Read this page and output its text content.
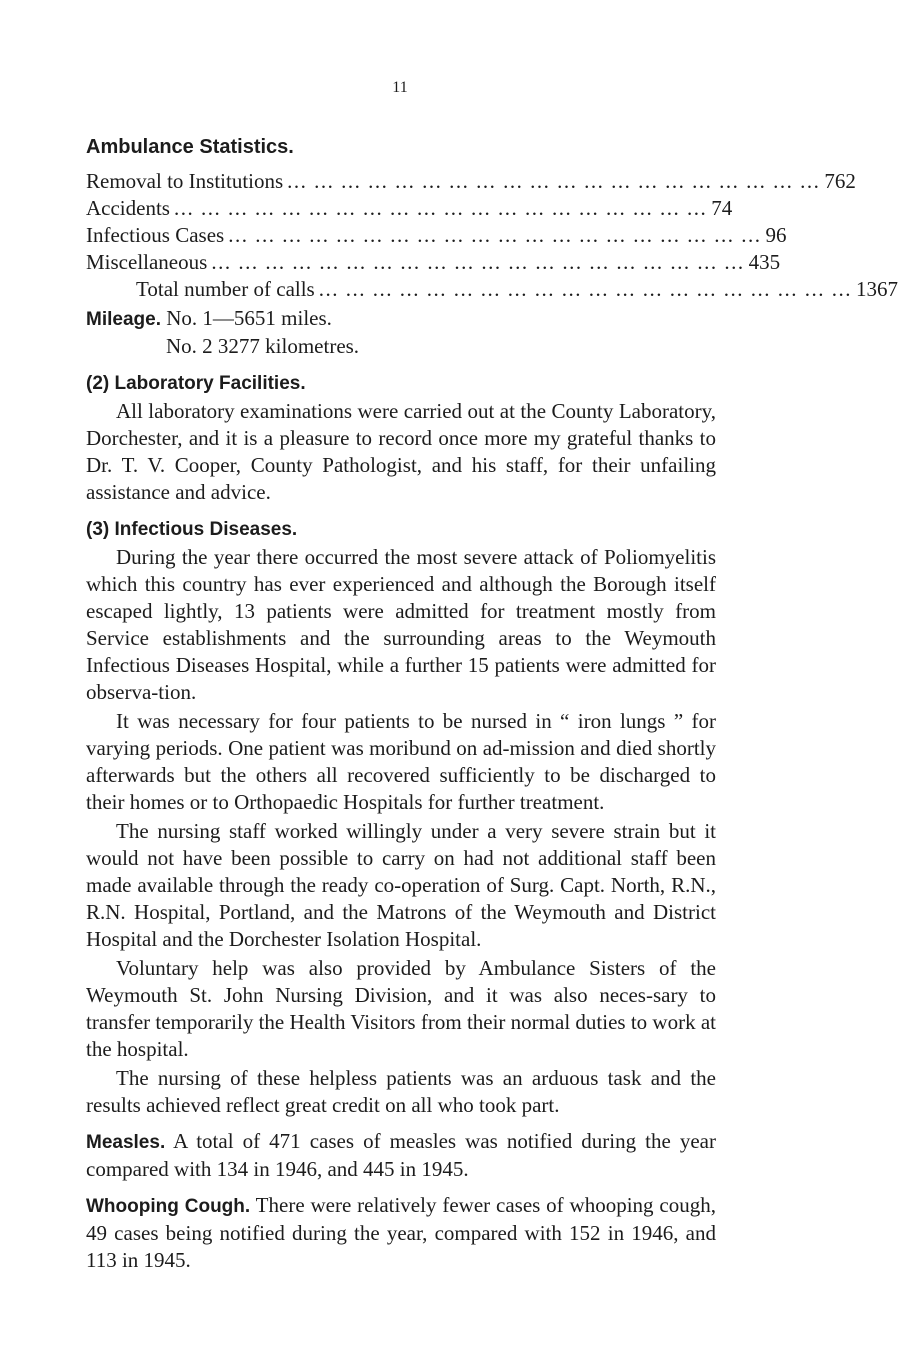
11
Ambulance Statistics.
Removal to Institutions ... ... ... ... ... ... ... ... ... ... ... ... ... ... ... ... ... ... ... ... 762
Accidents ... ... ... ... ... ... ... ... ... ... ... ... ... ... ... ... ... ... ... ... 74
Infectious Cases ... ... ... ... ... ... ... ... ... ... ... ... ... ... ... ... ... ... ... ... 96
Miscellaneous ... ... ... ... ... ... ... ... ... ... ... ... ... ... ... ... ... ... ... ... 435
Total number of calls ... ... ... ... ... ... ... ... ... ... ... ... ... ... ... ... ... ... ... ... 1367
Mileage. No. 1—5651 miles.
No. 2 3277 kilometres.
(2) Laboratory Facilities.

All laboratory examinations were carried out at the County Laboratory, Dorchester, and it is a pleasure to record once more my grateful thanks to Dr. T. V. Cooper, County Pathologist, and his staff, for their unfailing assistance and advice.

(3) Infectious Diseases.

During the year there occurred the most severe attack of Poliomyelitis which this country has ever experienced and although the Borough itself escaped lightly, 13 patients were admitted for treatment mostly from Service establishments and the surrounding areas to the Weymouth Infectious Diseases Hospital, while a further 15 patients were admitted for observa-tion.

It was necessary for four patients to be nursed in “ iron lungs ” for varying periods. One patient was moribund on ad-mission and died shortly afterwards but the others all recovered sufficiently to be discharged to their homes or to Orthopaedic Hospitals for further treatment.

The nursing staff worked willingly under a very severe strain but it would not have been possible to carry on had not additional staff been made available through the ready co-operation of Surg. Capt. North, R.N., R.N. Hospital, Portland, and the Matrons of the Weymouth and District Hospital and the Dorchester Isolation Hospital.

Voluntary help was also provided by Ambulance Sisters of the Weymouth St. John Nursing Division, and it was also neces-sary to transfer temporarily the Health Visitors from their normal duties to work at the hospital.

The nursing of these helpless patients was an arduous task and the results achieved reflect great credit on all who took part.

Measles. A total of 471 cases of measles was notified during the year compared with 134 in 1946, and 445 in 1945.

Whooping Cough. There were relatively fewer cases of whooping cough, 49 cases being notified during the year, compared with 152 in 1946, and 113 in 1945.
